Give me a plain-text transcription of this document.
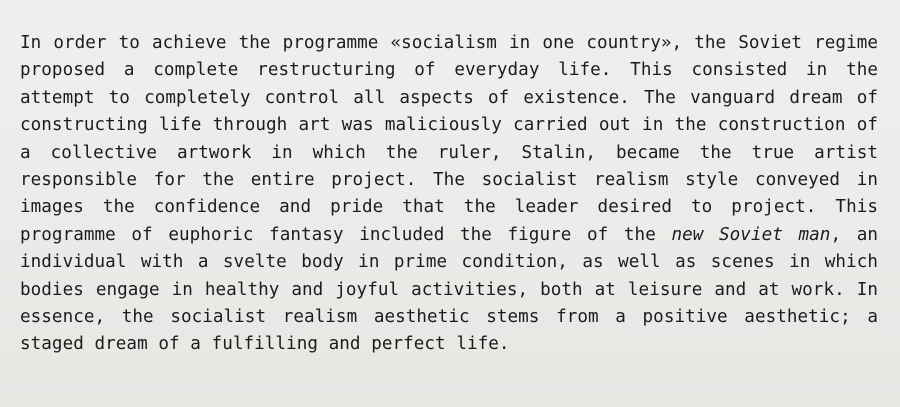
In order to achieve the programme «socialism in one country», the Soviet regime proposed a complete restructuring of everyday life. This consisted in the attempt to completely control all aspects of existence. The vanguard dream of constructing life through art was maliciously carried out in the construction of a collective artwork in which the ruler, Stalin, became the true artist responsible for the entire project. The socialist realism style conveyed in images the confidence and pride that the leader desired to project. This programme of euphoric fantasy included the figure of the new Soviet man, an individual with a svelte body in prime condition, as well as scenes in which bodies engage in healthy and joyful activities, both at leisure and at work. In essence, the socialist realism aesthetic stems from a positive aesthetic; a staged dream of a fulfilling and perfect life.
